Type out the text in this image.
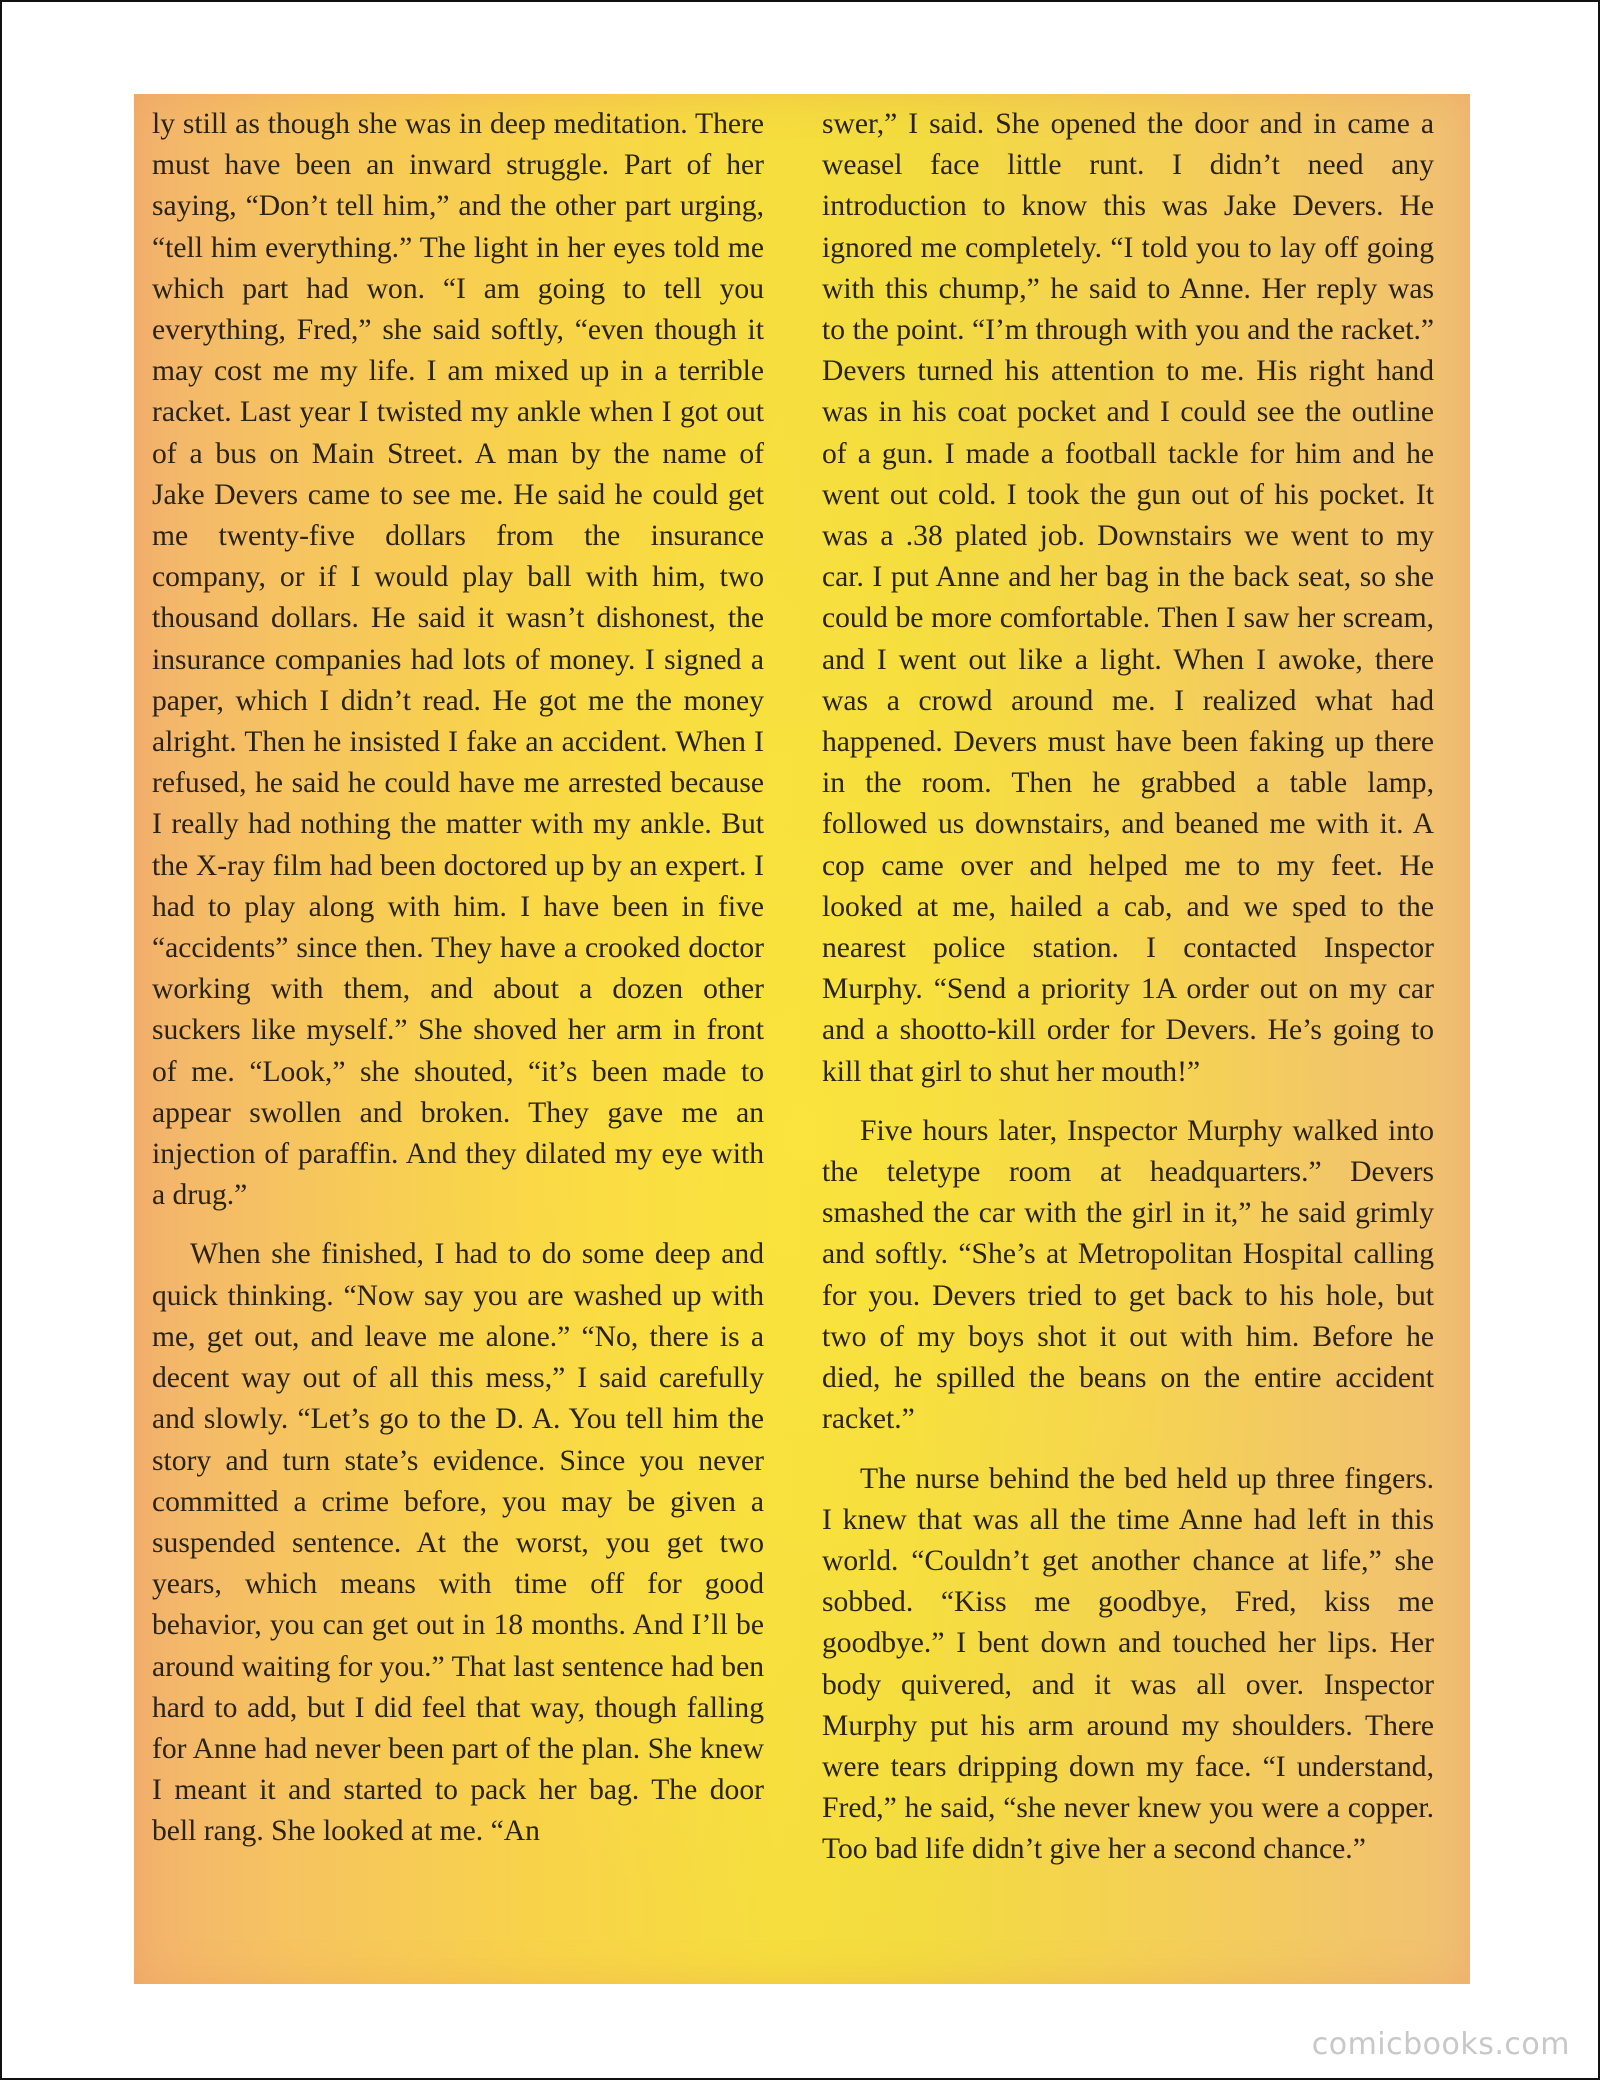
ly still as though she was in deep meditation. There must have been an inward struggle. Part of her saying, “Don’t tell him,” and the other part urging, “tell him everything.” The light in her eyes told me which part had won. “I am going to tell you everything, Fred,” she said softly, “even though it may cost me my life. I am mixed up in a terrible racket. Last year I twisted my ankle when I got out of a bus on Main Street. A man by the name of Jake Devers came to see me. He said he could get me twenty-five dollars from the insurance company, or if I would play ball with him, two thousand dollars. He said it wasn’t dishonest, the insurance companies had lots of money. I signed a paper, which I didn’t read. He got me the money alright. Then he insisted I fake an accident. When I refused, he said he could have me arrested because I really had nothing the matter with my ankle. But the X-ray film had been doctored up by an expert. I had to play along with him. I have been in five “accidents” since then. They have a crooked doctor working with them, and about a dozen other suckers like myself.” She shoved her arm in front of me. “Look,” she shouted, “it’s been made to appear swollen and broken. They gave me an injection of paraffin. And they dilated my eye with a drug.”

When she finished, I had to do some deep and quick thinking. “Now say you are washed up with me, get out, and leave me alone.” “No, there is a decent way out of all this mess,” I said carefully and slowly. “Let’s go to the D. A. You tell him the story and turn state’s evidence. Since you never committed a crime before, you may be given a suspended sentence. At the worst, you get two years, which means with time off for good behavior, you can get out in 18 months. And I’ll be around waiting for you.” That last sentence had ben hard to add, but I did feel that way, though falling for Anne had never been part of the plan. She knew I meant it and started to pack her bag. The door bell rang. She looked at me. “An

swer,” I said. She opened the door and in came a weasel face little runt. I didn’t need any introduction to know this was Jake Devers. He ignored me completely. “I told you to lay off going with this chump,” he said to Anne. Her reply was to the point. “I’m through with you and the racket.” Devers turned his attention to me. His right hand was in his coat pocket and I could see the outline of a gun. I made a football tackle for him and he went out cold. I took the gun out of his pocket. It was a .38 plated job. Downstairs we went to my car. I put Anne and her bag in the back seat, so she could be more comfortable. Then I saw her scream, and I went out like a light. When I awoke, there was a crowd around me. I realized what had happened. Devers must have been faking up there in the room. Then he grabbed a table lamp, followed us downstairs, and beaned me with it. A cop came over and helped me to my feet. He looked at me, hailed a cab, and we sped to the nearest police station. I contacted Inspector Murphy. “Send a priority 1A order out on my car and a shootto-kill order for Devers. He’s going to kill that girl to shut her mouth!”

Five hours later, Inspector Murphy walked into the teletype room at headquarters.” Devers smashed the car with the girl in it,” he said grimly and softly. “She’s at Metropolitan Hospital calling for you. Devers tried to get back to his hole, but two of my boys shot it out with him. Before he died, he spilled the beans on the entire accident racket.”

The nurse behind the bed held up three fingers. I knew that was all the time Anne had left in this world. “Couldn’t get another chance at life,” she sobbed. “Kiss me goodbye, Fred, kiss me goodbye.” I bent down and touched her lips. Her body quivered, and it was all over. Inspector Murphy put his arm around my shoulders. There were tears dripping down my face. “I understand, Fred,” he said, “she never knew you were a copper. Too bad life didn’t give her a second chance.”

comicbooks.com
